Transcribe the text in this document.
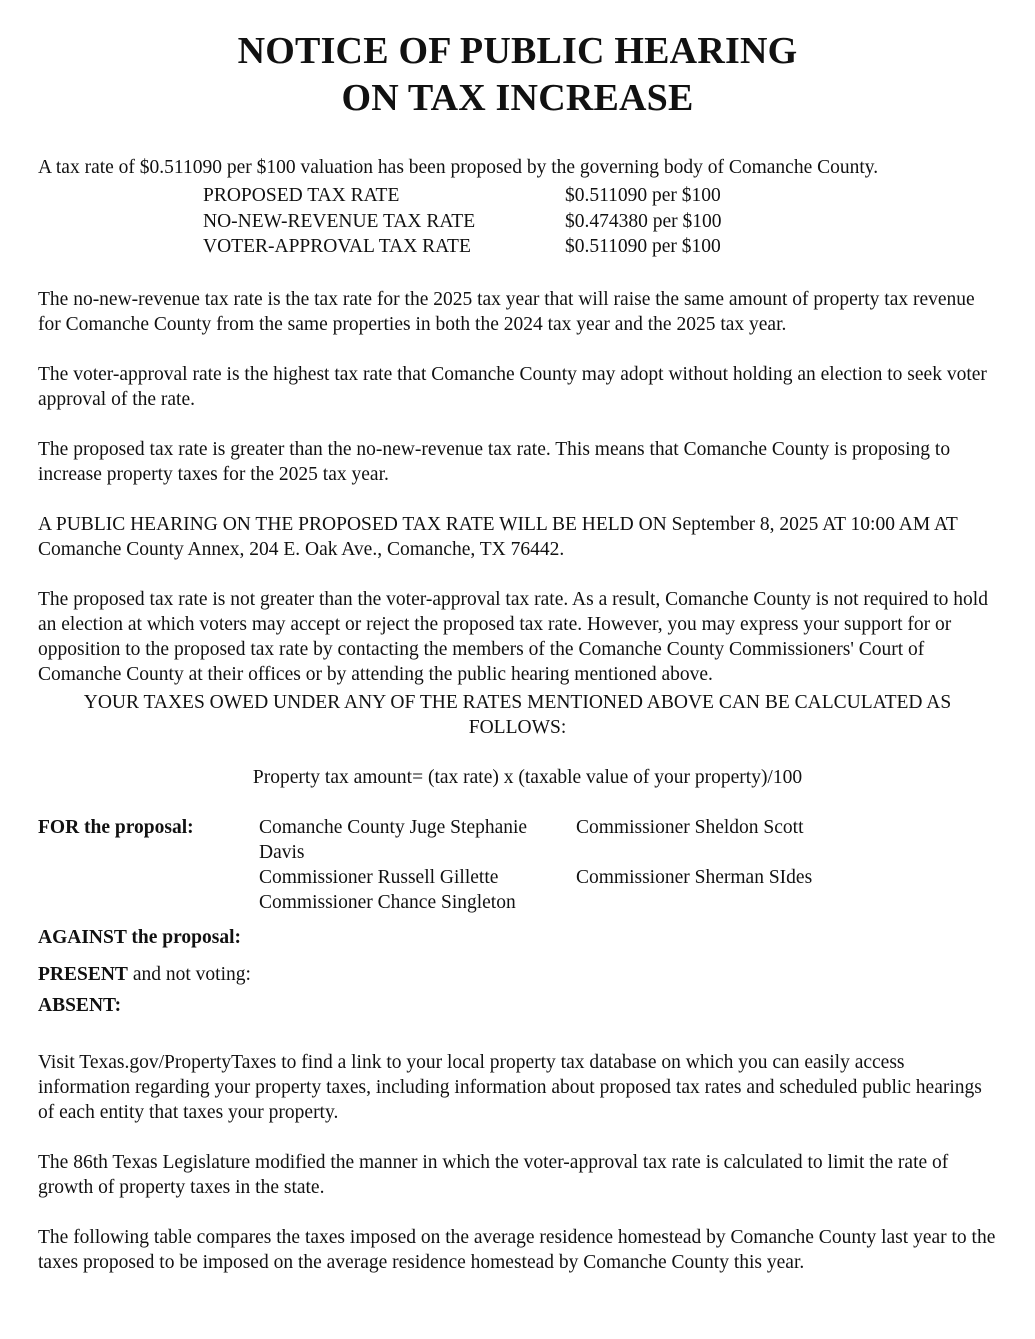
NOTICE OF PUBLIC HEARING
ON TAX INCREASE

A tax rate of $0.511090 per $100 valuation has been proposed by the governing body of Comanche County.

PROPOSED TAX RATE	$0.511090 per $100
NO-NEW-REVENUE TAX RATE	$0.474380 per $100
VOTER-APPROVAL TAX RATE	$0.511090 per $100

The no-new-revenue tax rate is the tax rate for the 2025 tax year that will raise the same amount of property tax revenue for Comanche County from the same properties in both the 2024 tax year and the 2025 tax year.

The voter-approval rate is the highest tax rate that Comanche County may adopt without holding an election to seek voter approval of the rate.

The proposed tax rate is greater than the no-new-revenue tax rate. This means that Comanche County is proposing to increase property taxes for the 2025 tax year.

A PUBLIC HEARING ON THE PROPOSED TAX RATE WILL BE HELD ON September 8, 2025 AT 10:00 AM AT Comanche County Annex, 204 E. Oak Ave., Comanche, TX 76442.

The proposed tax rate is not greater than the voter-approval tax rate. As a result, Comanche County is not required to hold an election at which voters may accept or reject the proposed tax rate. However, you may express your support for or opposition to the proposed tax rate by contacting the members of the Comanche County Commissioners' Court of Comanche County at their offices or by attending the public hearing mentioned above.

YOUR TAXES OWED UNDER ANY OF THE RATES MENTIONED ABOVE CAN BE CALCULATED AS FOLLOWS:

Property tax amount= (tax rate) x (taxable value of your property)/100

FOR the proposal:	Comanche County Juge Stephanie Davis
Commissioner Russell Gillette
Commissioner Chance Singleton
Commissioner Sheldon Scott
Commissioner Sherman SIdes

AGAINST the proposal:

PRESENT and not voting:

ABSENT:

Visit Texas.gov/PropertyTaxes to find a link to your local property tax database on which you can easily access information regarding your property taxes, including information about proposed tax rates and scheduled public hearings of each entity that taxes your property.

The 86th Texas Legislature modified the manner in which the voter-approval tax rate is calculated to limit the rate of growth of property taxes in the state.

The following table compares the taxes imposed on the average residence homestead by Comanche County last year to the taxes proposed to be imposed on the average residence homestead by Comanche County this year.
